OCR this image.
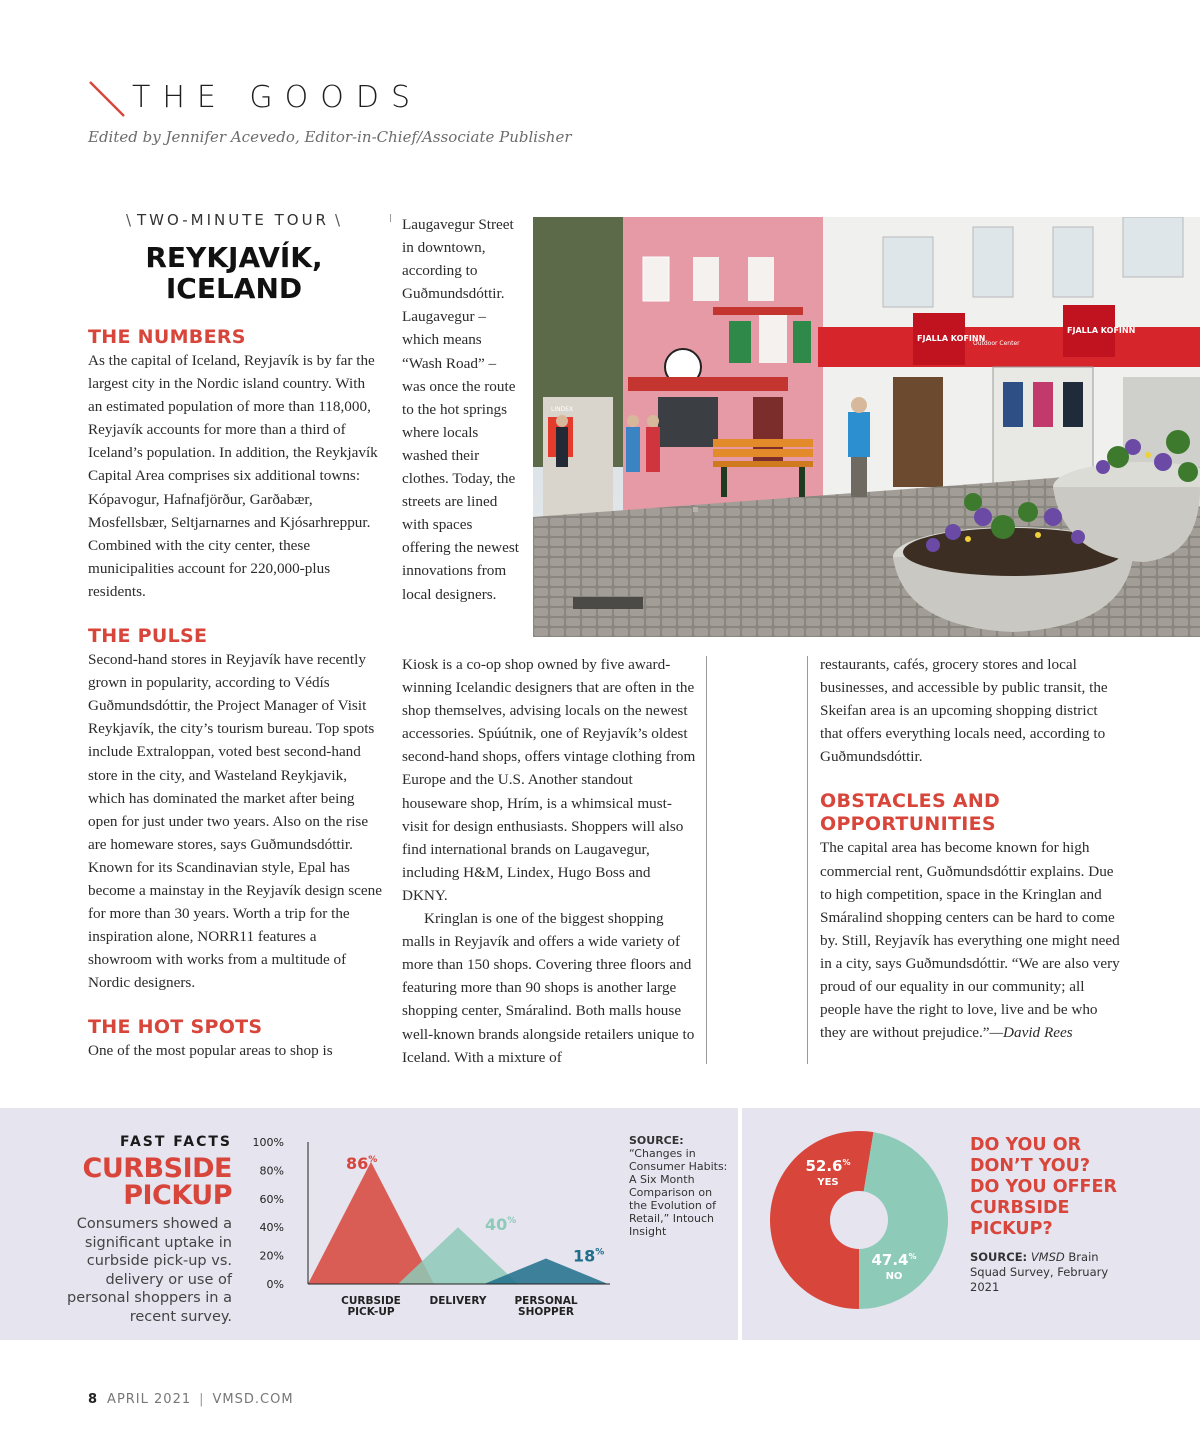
THE GOODS
Edited by Jennifer Acevedo, Editor-in-Chief/Associate Publisher
\ TWO-MINUTE TOUR \
REYKJAVÍK,
ICELAND
THE NUMBERS

As the capital of Iceland, Reyjavík is by far the largest city in the Nordic island country. With an estimated population of more than 118,000, Reyjavík accounts for more than a third of Iceland’s population. In addition, the Reykjavík Capital Area comprises six additional towns: Kópavogur, Hafnafjörður, Garðabær, Mosfellsbær, Seltjarnarnes and Kjósarhreppur. Combined with the city center, these municipalities account for 220,000-plus residents.

THE PULSE

Second-hand stores in Reyjavík have recently grown in popularity, according to Védís Guðmundsdóttir, the Project Manager of Visit Reykjavík, the city’s tourism bureau. Top spots include Extraloppan, voted best second-hand store in the city, and Wasteland Reykjavik, which has dominated the market after being open for just under two years. Also on the rise are homeware stores, says Guðmundsdóttir. Known for its Scandinavian style, Epal has become a mainstay in the Reyjavík design scene for more than 30 years. Worth a trip for the inspiration alone, NORR11 features a showroom with works from a multitude of Nordic designers.

THE HOT SPOTS

One of the most popular areas to shop is

Laugavegur Street in downtown, according to Guðmundsdóttir. Laugavegur – which means “Wash Road” – was once the route to the hot springs where locals washed their clothes. Today, the streets are lined with spaces offering the newest innovations from local designers.
FJALLA KOFINN
FJALLA KOFINN
Outdoor Center
LINDEX

Kiosk is a co-op shop owned by five award-winning Icelandic designers that are often in the shop themselves, advising locals on the newest accessories. Spúútnik, one of Reyjavík’s oldest second-hand shops, offers vintage clothing from Europe and the U.S. Another standout houseware shop, Hrím, is a whimsical must-visit for design enthusiasts. Shoppers will also find international brands on Laugavegur, including H&M, Lindex, Hugo Boss and DKNY.

Kringlan is one of the biggest shopping malls in Reyjavík and offers a wide variety of more than 150 shops. Covering three floors and featuring more than 90 shops is another large shopping center, Smáralind. Both malls house well-known brands alongside retailers unique to Iceland. With a mixture of

restaurants, cafés, grocery stores and local businesses, and accessible by public transit, the Skeifan area is an upcoming shopping district that offers everything locals need, according to Guðmundsdóttir.

OBSTACLES AND
OPPORTUNITIES

The capital area has become known for high commercial rent, Guðmundsdóttir explains. Due to high competition, space in the Kringlan and Smáralind shopping centers can be hard to come by. Still, Reyjavík has everything one might need in a city, says Guðmundsdóttir. “We are also very proud of our equality in our community; all people have the right to love, live and be who they are without prejudice.”—David Rees

FAST FACTS
CURBSIDE
PICKUP
Consumers showed a significant uptake in curbside pick-up vs. delivery or use of personal shoppers in a recent survey.
100%
80%
60%
40%
20%
0%
86%
40%
18%
CURBSIDE
PICK-UP
DELIVERY	PERSONAL
SHOPPER
SOURCE:
“Changes in Consumer Habits: A Six Month Comparison on the Evolution of Retail,” Intouch Insight
52.6%
YES
47.4%
NO
DO YOU OR
DON’T YOU?
DO YOU OFFER
CURBSIDE
PICKUP?
SOURCE: VMSD Brain Squad Survey, February 2021
8 APRIL 2021 | VMSD.COM
